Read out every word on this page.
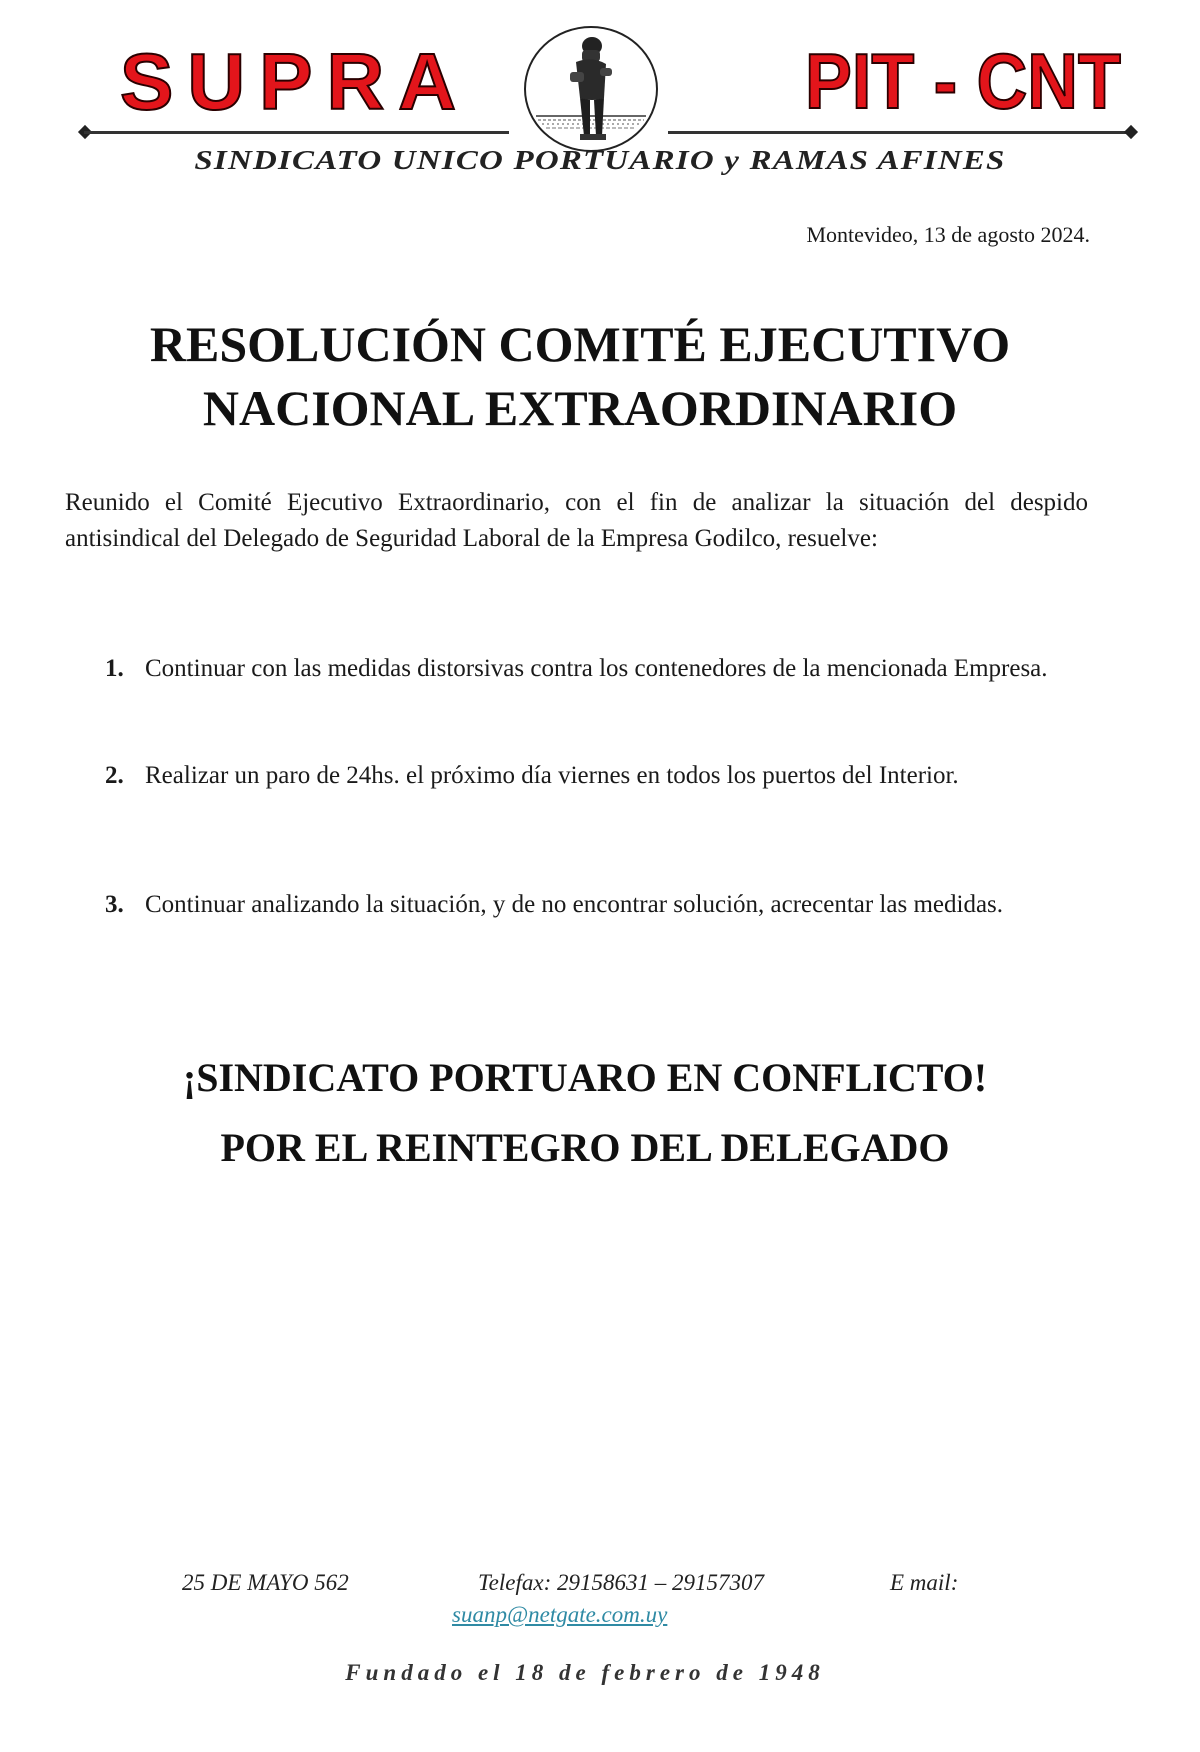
SUPRA	PIT - CNT

SINDICATO UNICO PORTUARIO y RAMAS AFINES

Montevideo, 13 de agosto 2024.

RESOLUCIÓN COMITÉ EJECUTIVO
NACIONAL EXTRAORDINARIO

Reunido el Comité Ejecutivo Extraordinario, con el fin de analizar la situación del despido antisindical del Delegado de Seguridad Laboral de la Empresa Godilco, resuelve:

1. Continuar con las medidas distorsivas contra los contenedores de la mencionada Empresa.
2. Realizar un paro de 24hs. el próximo día viernes en todos los puertos del Interior.
3. Continuar analizando la situación, y de no encontrar solución, acrecentar las medidas.

¡SINDICATO PORTUARO EN CONFLICTO!

POR EL REINTEGRO DEL DELEGADO

25 DE MAYO 562	Telefax: 29158631 – 29157307	E mail:
suanp@netgate.com.uy

Fundado el 18 de febrero de 1948
